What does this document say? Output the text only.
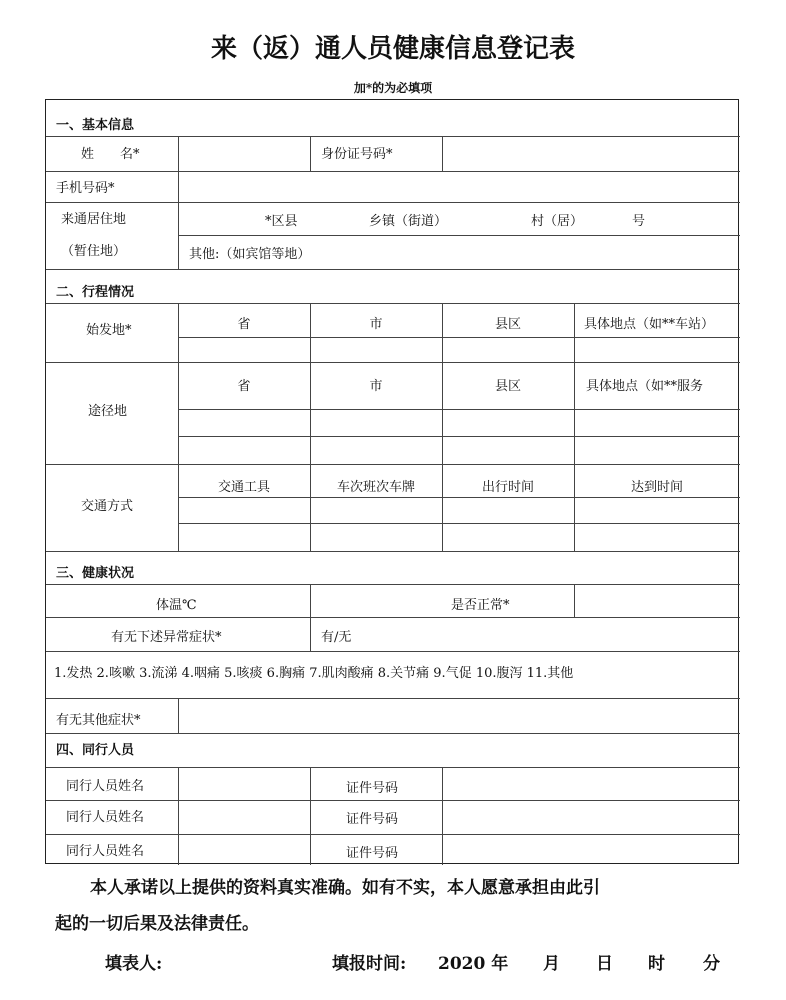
来（返）通人员健康信息登记表
加*的为必填项
一、基本信息
姓　　名*	身份证号码*
手机号码*
来通居住地
（暂住地）
*区县	乡镇（街道）	村（居）	号
其他:（如宾馆等地）
二、行程情况
始发地*	省	市	县区	具体地点（如**车站）
途径地
省	市	县区	具体地点（如**服务
交通方式
交通工具	车次班次车牌	出行时间	达到时间
三、健康状况
体温℃	是否正常*
有无下述异常症状*	有/无
1.发热 2.咳嗽 3.流涕 4.咽痛 5.咳痰 6.胸痛 7.肌肉酸痛 8.关节痛 9.气促 10.腹泻 11.其他
有无其他症状*
四、同行人员
同行人员姓名	证件号码
同行人员姓名	证件号码
同行人员姓名	证件号码
本人承诺以上提供的资料真实准确。如有不实，本人愿意承担由此引
起的一切后果及法律责任。
填表人:	填报时间: 2020 年 月 日 时 分
